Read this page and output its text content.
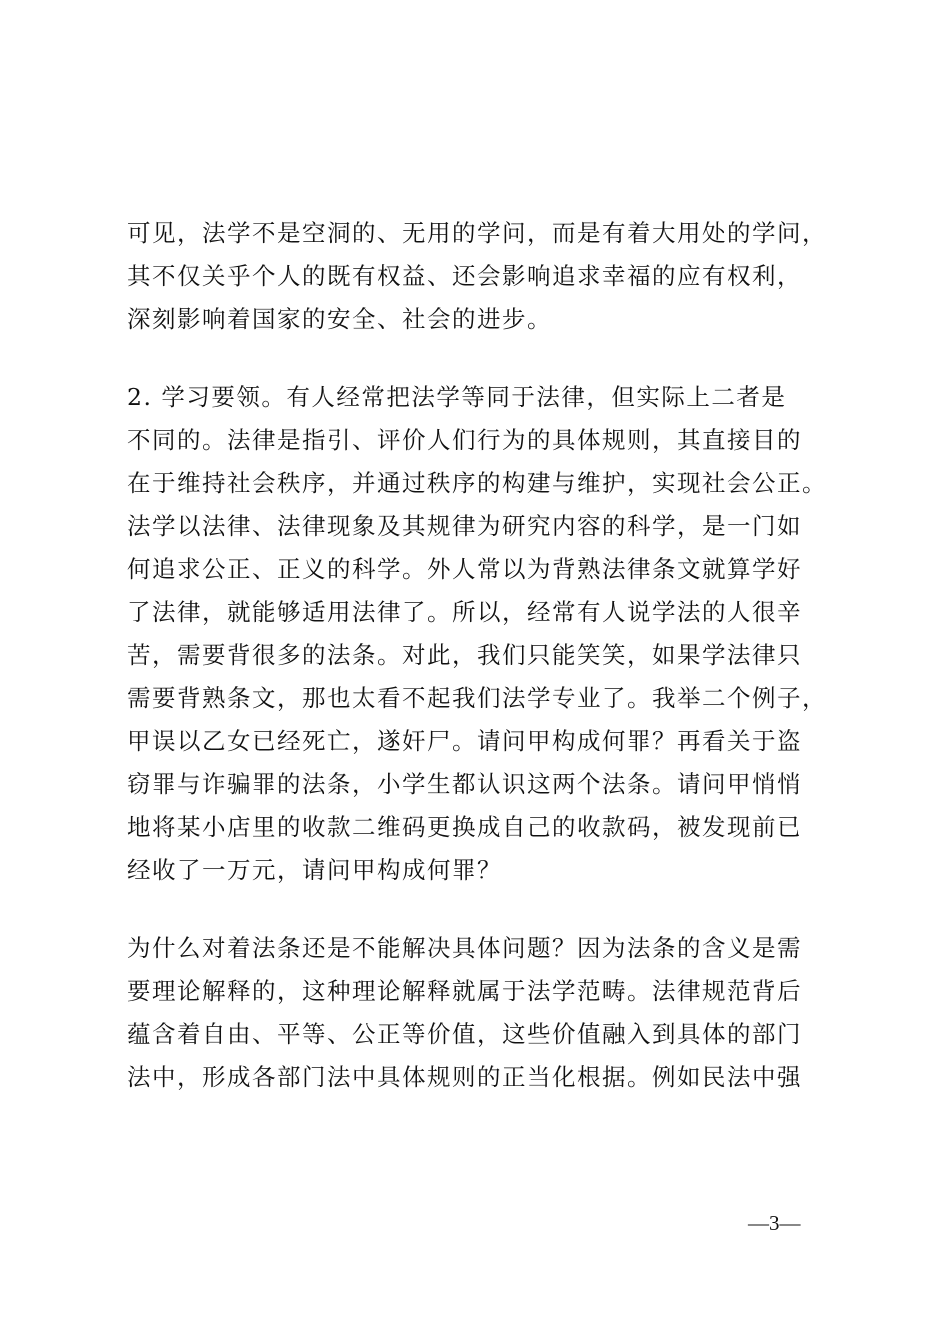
可见，法学不是空洞的、无用的学问，而是有着大用处的学问，
其不仅关乎个人的既有权益、还会影响追求幸福的应有权利，
深刻影响着国家的安全、社会的进步。
2. 学习要领。有人经常把法学等同于法律，但实际上二者是
不同的。法律是指引、评价人们行为的具体规则，其直接目的
在于维持社会秩序，并通过秩序的构建与维护，实现社会公正。
法学以法律、法律现象及其规律为研究内容的科学，是一门如
何追求公正、正义的科学。外人常以为背熟法律条文就算学好
了法律，就能够适用法律了。所以，经常有人说学法的人很辛
苦，需要背很多的法条。对此，我们只能笑笑，如果学法律只
需要背熟条文，那也太看不起我们法学专业了。我举二个例子，
甲误以乙女已经死亡，遂奸尸。请问甲构成何罪？再看关于盗
窃罪与诈骗罪的法条，小学生都认识这两个法条。请问甲悄悄
地将某小店里的收款二维码更换成自己的收款码，被发现前已
经收了一万元，请问甲构成何罪？
为什么对着法条还是不能解决具体问题？因为法条的含义是需
要理论解释的，这种理论解释就属于法学范畴。法律规范背后
蕴含着自由、平等、公正等价值，这些价值融入到具体的部门
法中，形成各部门法中具体规则的正当化根据。例如民法中强
—3—
